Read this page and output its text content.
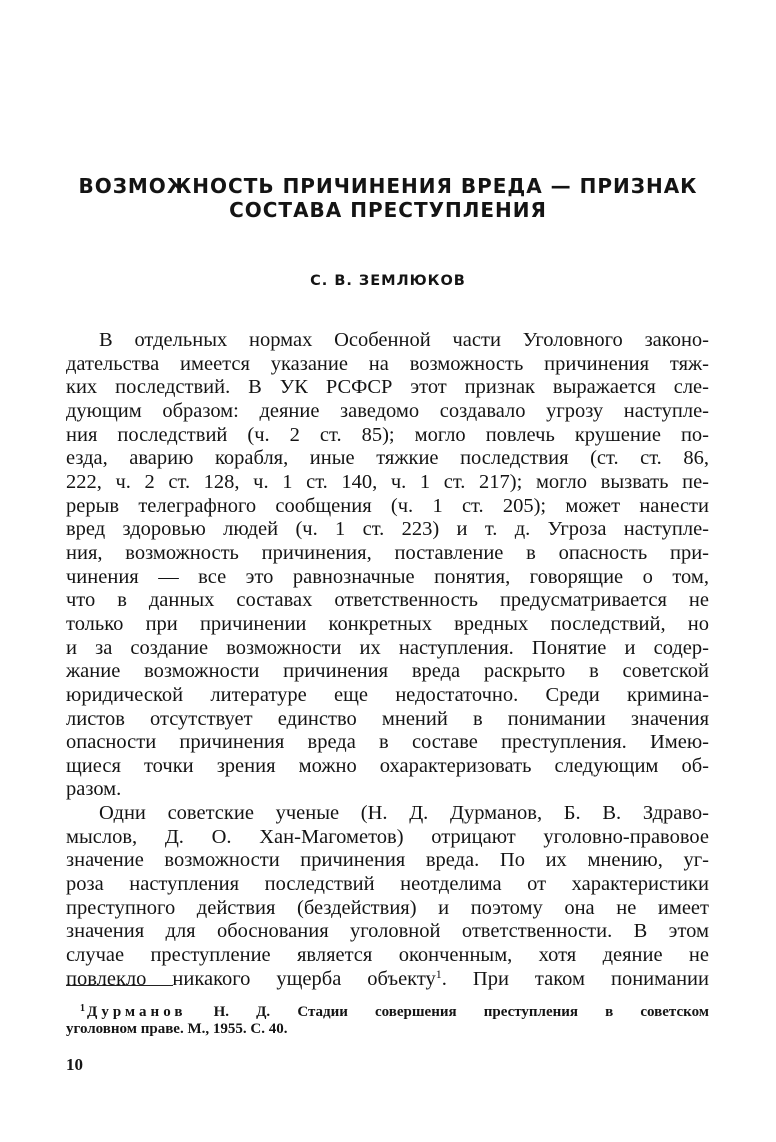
ВОЗМОЖНОСТЬ ПРИЧИНЕНИЯ ВРЕДА — ПРИЗНАК
СОСТАВА ПРЕСТУПЛЕНИЯ

С. В. ЗЕМЛЮКОВ

В отдельных нормах Особенной части Уголовного законо-
дательства имеется указание на возможность причинения тяж-
ких последствий. В УК РСФСР этот признак выражается сле-
дующим образом: деяние заведомо создавало угрозу наступле-
ния последствий (ч. 2 ст. 85); могло повлечь крушение по-
езда, аварию корабля, иные тяжкие последствия (ст. ст. 86,
222, ч. 2 ст. 128, ч. 1 ст. 140, ч. 1 ст. 217); могло вызвать пе-
рерыв телеграфного сообщения (ч. 1 ст. 205); может нанести
вред здоровью людей (ч. 1 ст. 223) и т. д. Угроза наступле-
ния, возможность причинения, поставление в опасность при-
чинения — все это равнозначные понятия, говорящие о том,
что в данных составах ответственность предусматривается не
только при причинении конкретных вредных последствий, но
и за создание возможности их наступления. Понятие и содер-
жание возможности причинения вреда раскрыто в советской
юридической литературе еще недостаточно. Среди кримина-
листов отсутствует единство мнений в понимании значения
опасности причинения вреда в составе преступления. Имею-
щиеся точки зрения можно охарактеризовать следующим об-
разом.
Одни советские ученые (Н. Д. Дурманов, Б. В. Здраво-
мыслов, Д. О. Хан-Магометов) отрицают уголовно-правовое
значение возможности причинения вреда. По их мнению, уг-
роза наступления последствий неотделима от характеристики
преступного действия (бездействия) и поэтому она не имеет
значения для обоснования уголовной ответственности. В этом
случае преступление является оконченным, хотя деяние не
повлекло никакого ущерба объекту$^1$. При таком понимании
$^1$ Дурманов Н. Д. Стадии совершения преступления в советском
уголовном праве. М., 1955. С. 40.
10
